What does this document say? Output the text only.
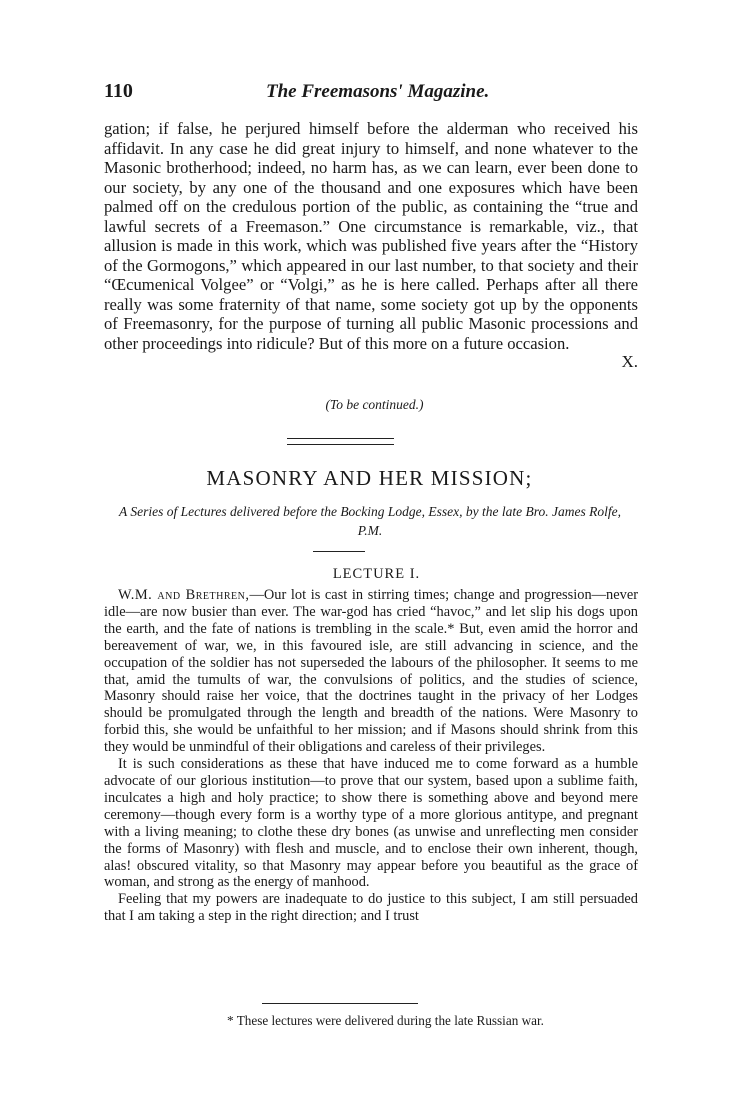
110	The Freemasons' Magazine.

gation; if false, he perjured himself before the alderman who received his affidavit. In any case he did great injury to himself, and none whatever to the Masonic brotherhood; indeed, no harm has, as we can learn, ever been done to our society, by any one of the thousand and one exposures which have been palmed off on the credulous portion of the public, as containing the “true and lawful secrets of a Freemason.” One circumstance is remarkable, viz., that allusion is made in this work, which was published five years after the “History of the Gormogons,” which appeared in our last number, to that society and their “Œcumenical Volgee” or “Volgi,” as he is here called. Perhaps after all there really was some fraternity of that name, some society got up by the opponents of Freemasonry, for the purpose of turning all public Masonic processions and other proceedings into ridicule? But of this more on a future occasion.

X.
(To be continued.)
MASONRY AND HER MISSION;
A Series of Lectures delivered before the Bocking Lodge, Essex, by the late Bro. James Rolfe, P.M.
LECTURE I.

W.M. and Brethren,—Our lot is cast in stirring times; change and progression—never idle—are now busier than ever. The war-god has cried “havoc,” and let slip his dogs upon the earth, and the fate of nations is trembling in the scale.* But, even amid the horror and bereavement of war, we, in this favoured isle, are still advancing in science, and the occupation of the soldier has not superseded the labours of the philosopher. It seems to me that, amid the tumults of war, the convulsions of politics, and the studies of science, Masonry should raise her voice, that the doctrines taught in the privacy of her Lodges should be promulgated through the length and breadth of the nations. Were Masonry to forbid this, she would be unfaithful to her mission; and if Masons should shrink from this they would be unmindful of their obligations and careless of their privileges.

It is such considerations as these that have induced me to come forward as a humble advocate of our glorious institution—to prove that our system, based upon a sublime faith, inculcates a high and holy practice; to show there is something above and beyond mere ceremony—though every form is a worthy type of a more glorious antitype, and pregnant with a living meaning; to clothe these dry bones (as unwise and unreflecting men consider the forms of Masonry) with flesh and muscle, and to enclose their own inherent, though, alas! obscured vitality, so that Masonry may appear before you beautiful as the grace of woman, and strong as the energy of manhood.

Feeling that my powers are inadequate to do justice to this subject, I am still persuaded that I am taking a step in the right direction; and I trust

* These lectures were delivered during the late Russian war.
